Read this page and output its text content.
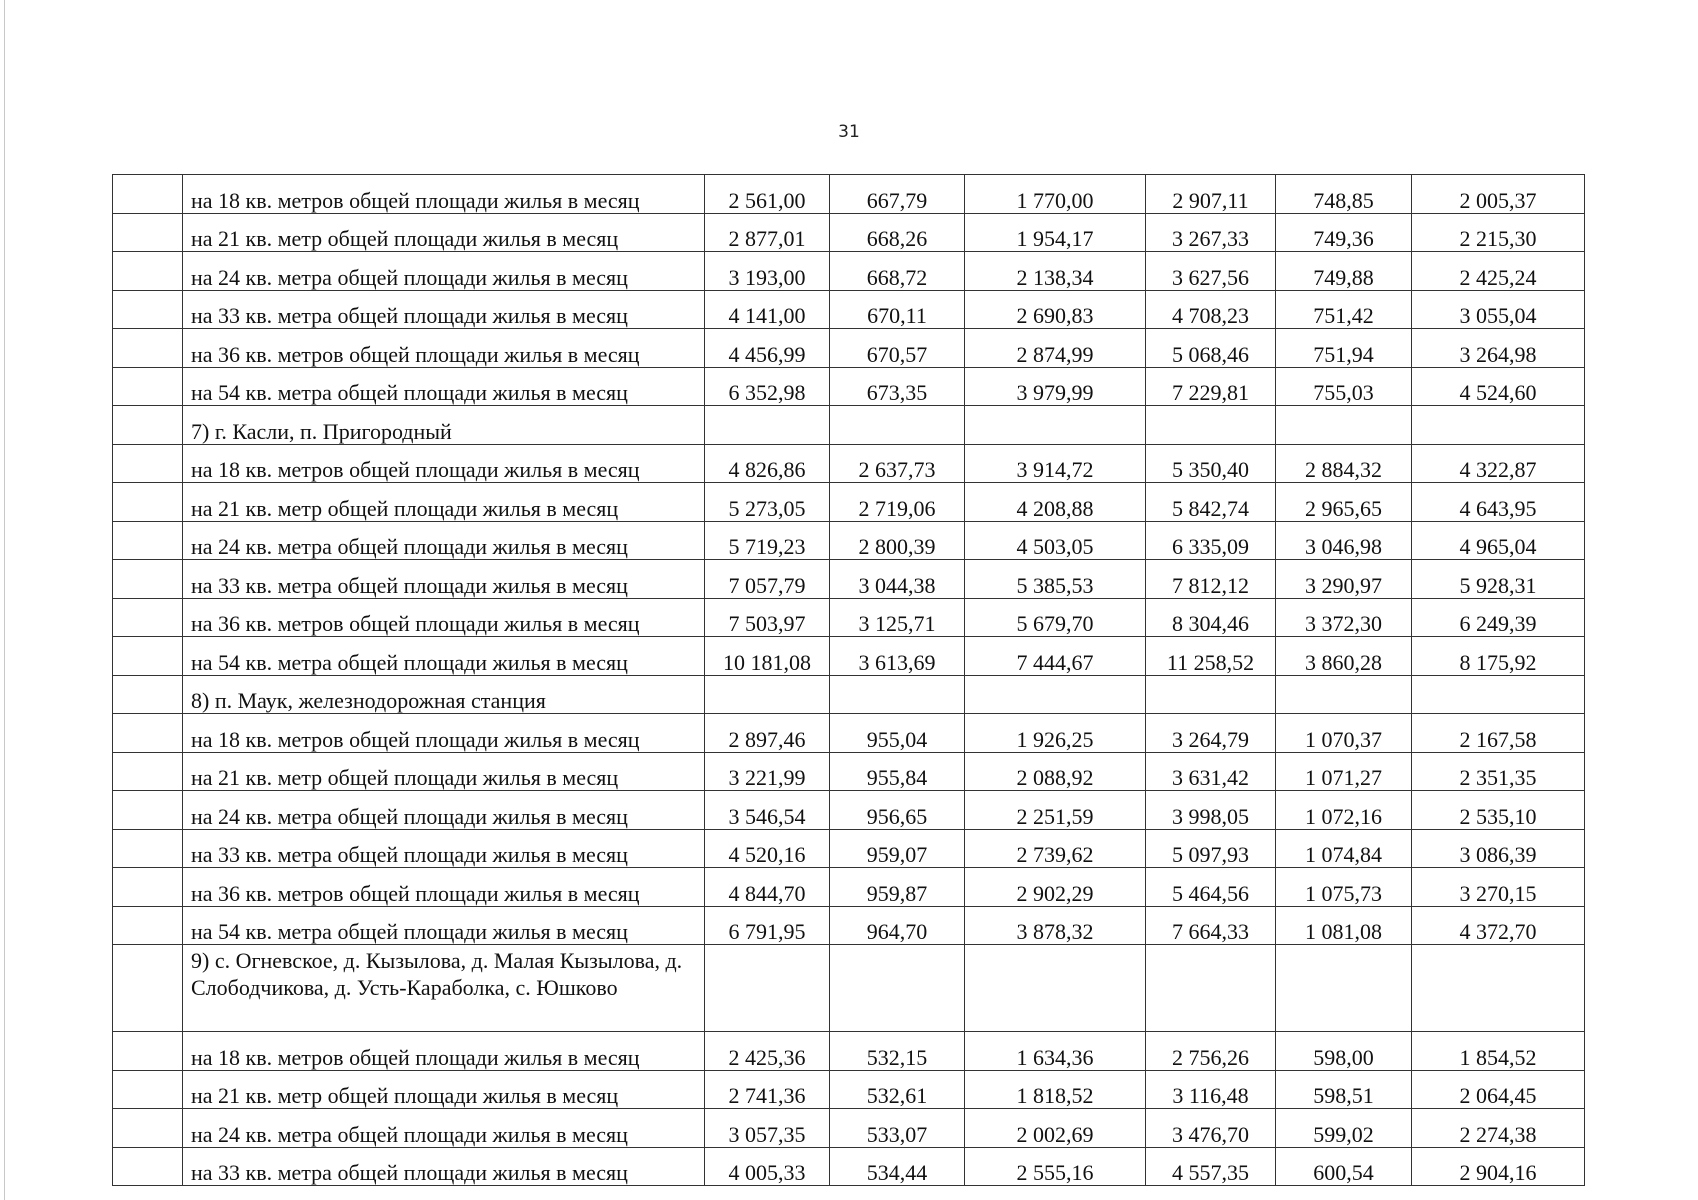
31
	на 18 кв. метров общей площади жилья в месяц	2 561,00	667,79	1 770,00	2 907,11	748,85	2 005,37
	на 21 кв. метр общей площади жилья в месяц	2 877,01	668,26	1 954,17	3 267,33	749,36	2 215,30
	на 24 кв. метра общей площади жилья в месяц	3 193,00	668,72	2 138,34	3 627,56	749,88	2 425,24
	на 33 кв. метра общей площади жилья в месяц	4 141,00	670,11	2 690,83	4 708,23	751,42	3 055,04
	на 36 кв. метров общей площади жилья в месяц	4 456,99	670,57	2 874,99	5 068,46	751,94	3 264,98
	на 54 кв. метра общей площади жилья в месяц	6 352,98	673,35	3 979,99	7 229,81	755,03	4 524,60
	7) г. Касли, п. Пригородный						
	на 18 кв. метров общей площади жилья в месяц	4 826,86	2 637,73	3 914,72	5 350,40	2 884,32	4 322,87
	на 21 кв. метр общей площади жилья в месяц	5 273,05	2 719,06	4 208,88	5 842,74	2 965,65	4 643,95
	на 24 кв. метра общей площади жилья в месяц	5 719,23	2 800,39	4 503,05	6 335,09	3 046,98	4 965,04
	на 33 кв. метра общей площади жилья в месяц	7 057,79	3 044,38	5 385,53	7 812,12	3 290,97	5 928,31
	на 36 кв. метров общей площади жилья в месяц	7 503,97	3 125,71	5 679,70	8 304,46	3 372,30	6 249,39
	на 54 кв. метра общей площади жилья в месяц	10 181,08	3 613,69	7 444,67	11 258,52	3 860,28	8 175,92
	8) п. Маук, железнодорожная станция						
	на 18 кв. метров общей площади жилья в месяц	2 897,46	955,04	1 926,25	3 264,79	1 070,37	2 167,58
	на 21 кв. метр общей площади жилья в месяц	3 221,99	955,84	2 088,92	3 631,42	1 071,27	2 351,35
	на 24 кв. метра общей площади жилья в месяц	3 546,54	956,65	2 251,59	3 998,05	1 072,16	2 535,10
	на 33 кв. метра общей площади жилья в месяц	4 520,16	959,07	2 739,62	5 097,93	1 074,84	3 086,39
	на 36 кв. метров общей площади жилья в месяц	4 844,70	959,87	2 902,29	5 464,56	1 075,73	3 270,15
	на 54 кв. метра общей площади жилья в месяц	6 791,95	964,70	3 878,32	7 664,33	1 081,08	4 372,70
	9) с. Огневское, д. Кызылова, д. Малая Кызылова, д. Слободчикова, д. Усть-Караболка, с. Юшково						
	на 18 кв. метров общей площади жилья в месяц	2 425,36	532,15	1 634,36	2 756,26	598,00	1 854,52
	на 21 кв. метр общей площади жилья в месяц	2 741,36	532,61	1 818,52	3 116,48	598,51	2 064,45
	на 24 кв. метра общей площади жилья в месяц	3 057,35	533,07	2 002,69	3 476,70	599,02	2 274,38
	на 33 кв. метра общей площади жилья в месяц	4 005,33	534,44	2 555,16	4 557,35	600,54	2 904,16
